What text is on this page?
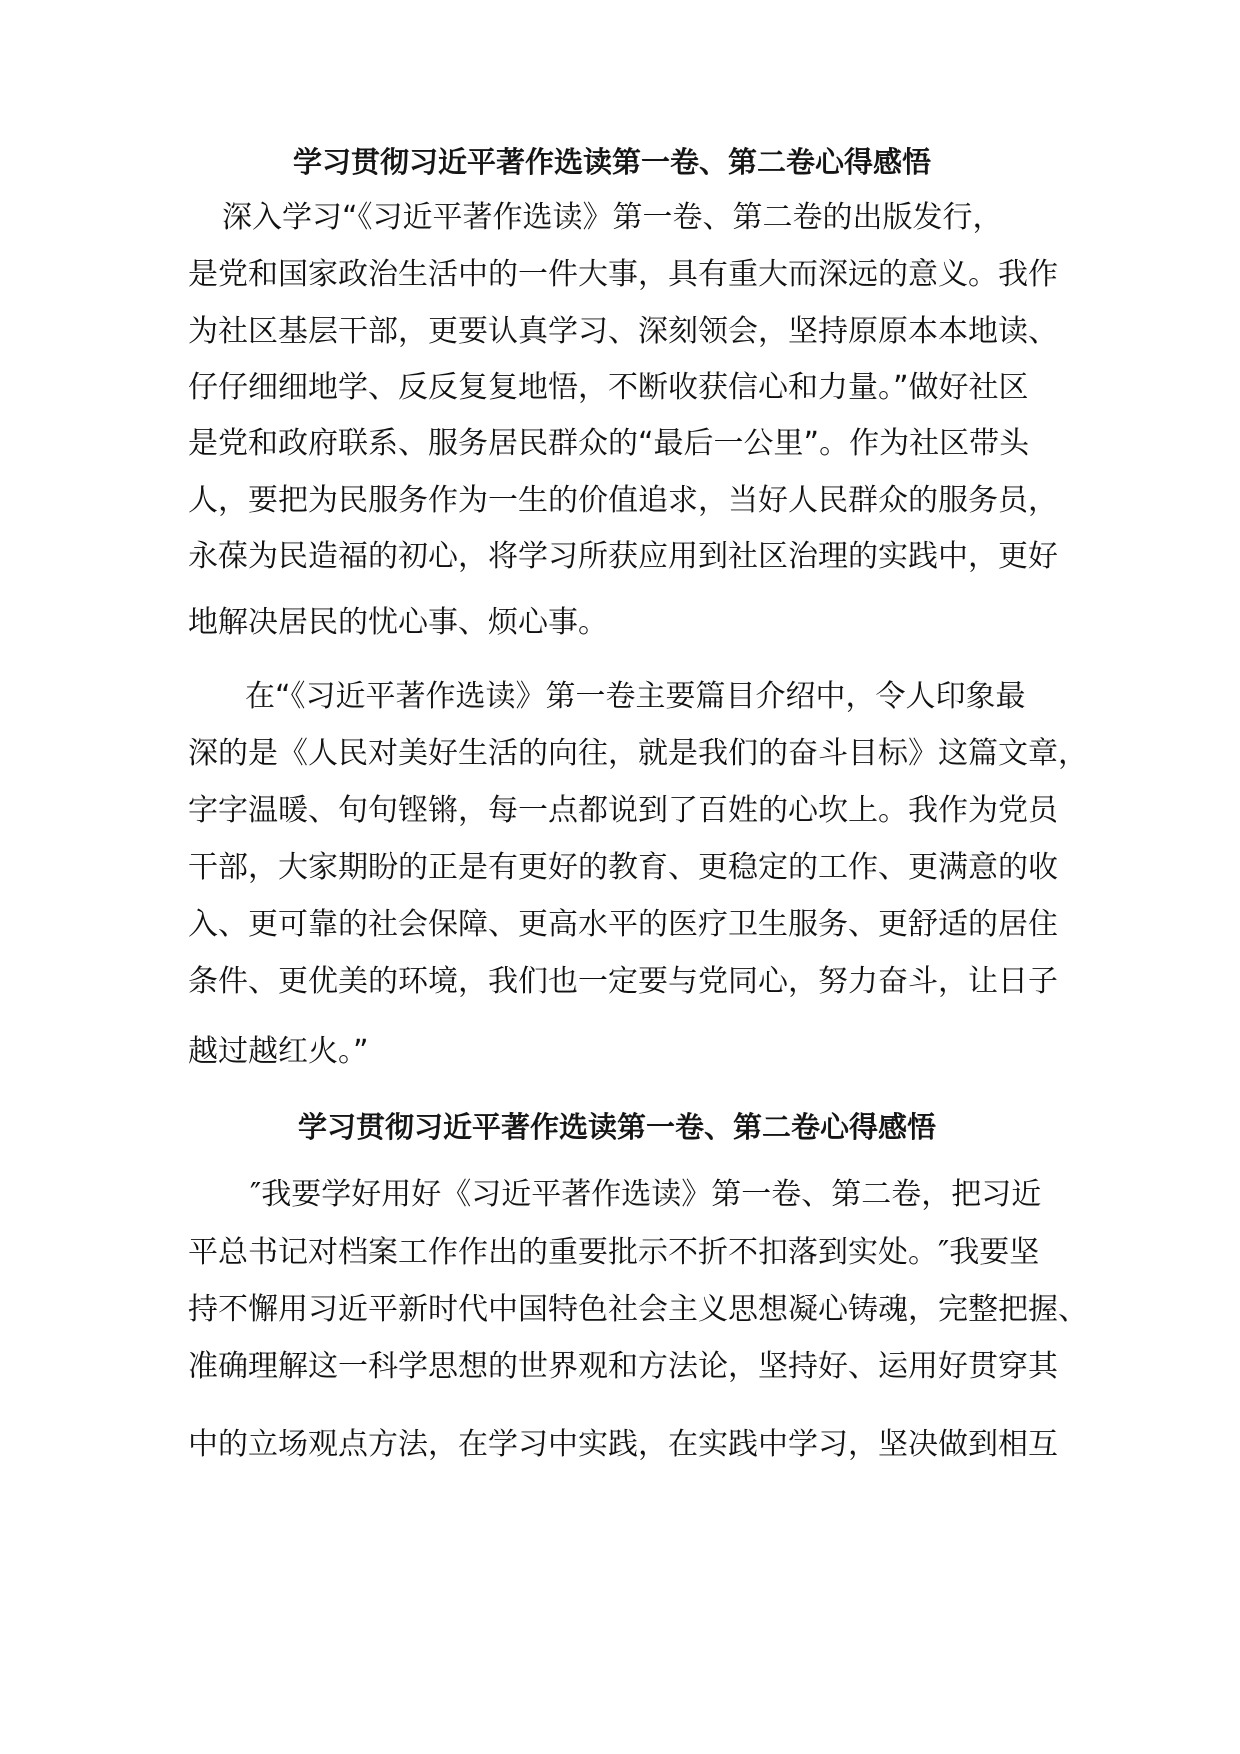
学习贯彻习近平著作选读第一卷、第二卷心得感悟

深入学习“《习近平著作选读》第一卷、第二卷的出版发行，

是党和国家政治生活中的一件大事，具有重大而深远的意义。我作

为社区基层干部，更要认真学习、深刻领会，坚持原原本本地读、

仔仔细细地学、反反复复地悟，不断收获信心和力量。”做好社区

是党和政府联系、服务居民群众的“最后一公里”。作为社区带头

人，要把为民服务作为一生的价值追求，当好人民群众的服务员，

永葆为民造福的初心，将学习所获应用到社区治理的实践中，更好

地解决居民的忧心事、烦心事。

在“《习近平著作选读》第一卷主要篇目介绍中，令人印象最

深的是《人民对美好生活的向往，就是我们的奋斗目标》这篇文章，

字字温暖、句句铿锵，每一点都说到了百姓的心坎上。我作为党员

干部，大家期盼的正是有更好的教育、更稳定的工作、更满意的收

入、更可靠的社会保障、更高水平的医疗卫生服务、更舒适的居住

条件、更优美的环境，我们也一定要与党同心，努力奋斗，让日子

越过越红火。”

学习贯彻习近平著作选读第一卷、第二卷心得感悟

″我要学好用好《习近平著作选读》第一卷、第二卷，把习近

平总书记对档案工作作出的重要批示不折不扣落到实处。″我要坚

持不懈用习近平新时代中国特色社会主义思想凝心铸魂，完整把握、

准确理解这一科学思想的世界观和方法论，坚持好、运用好贯穿其

中的立场观点方法，在学习中实践，在实践中学习，坚决做到相互
